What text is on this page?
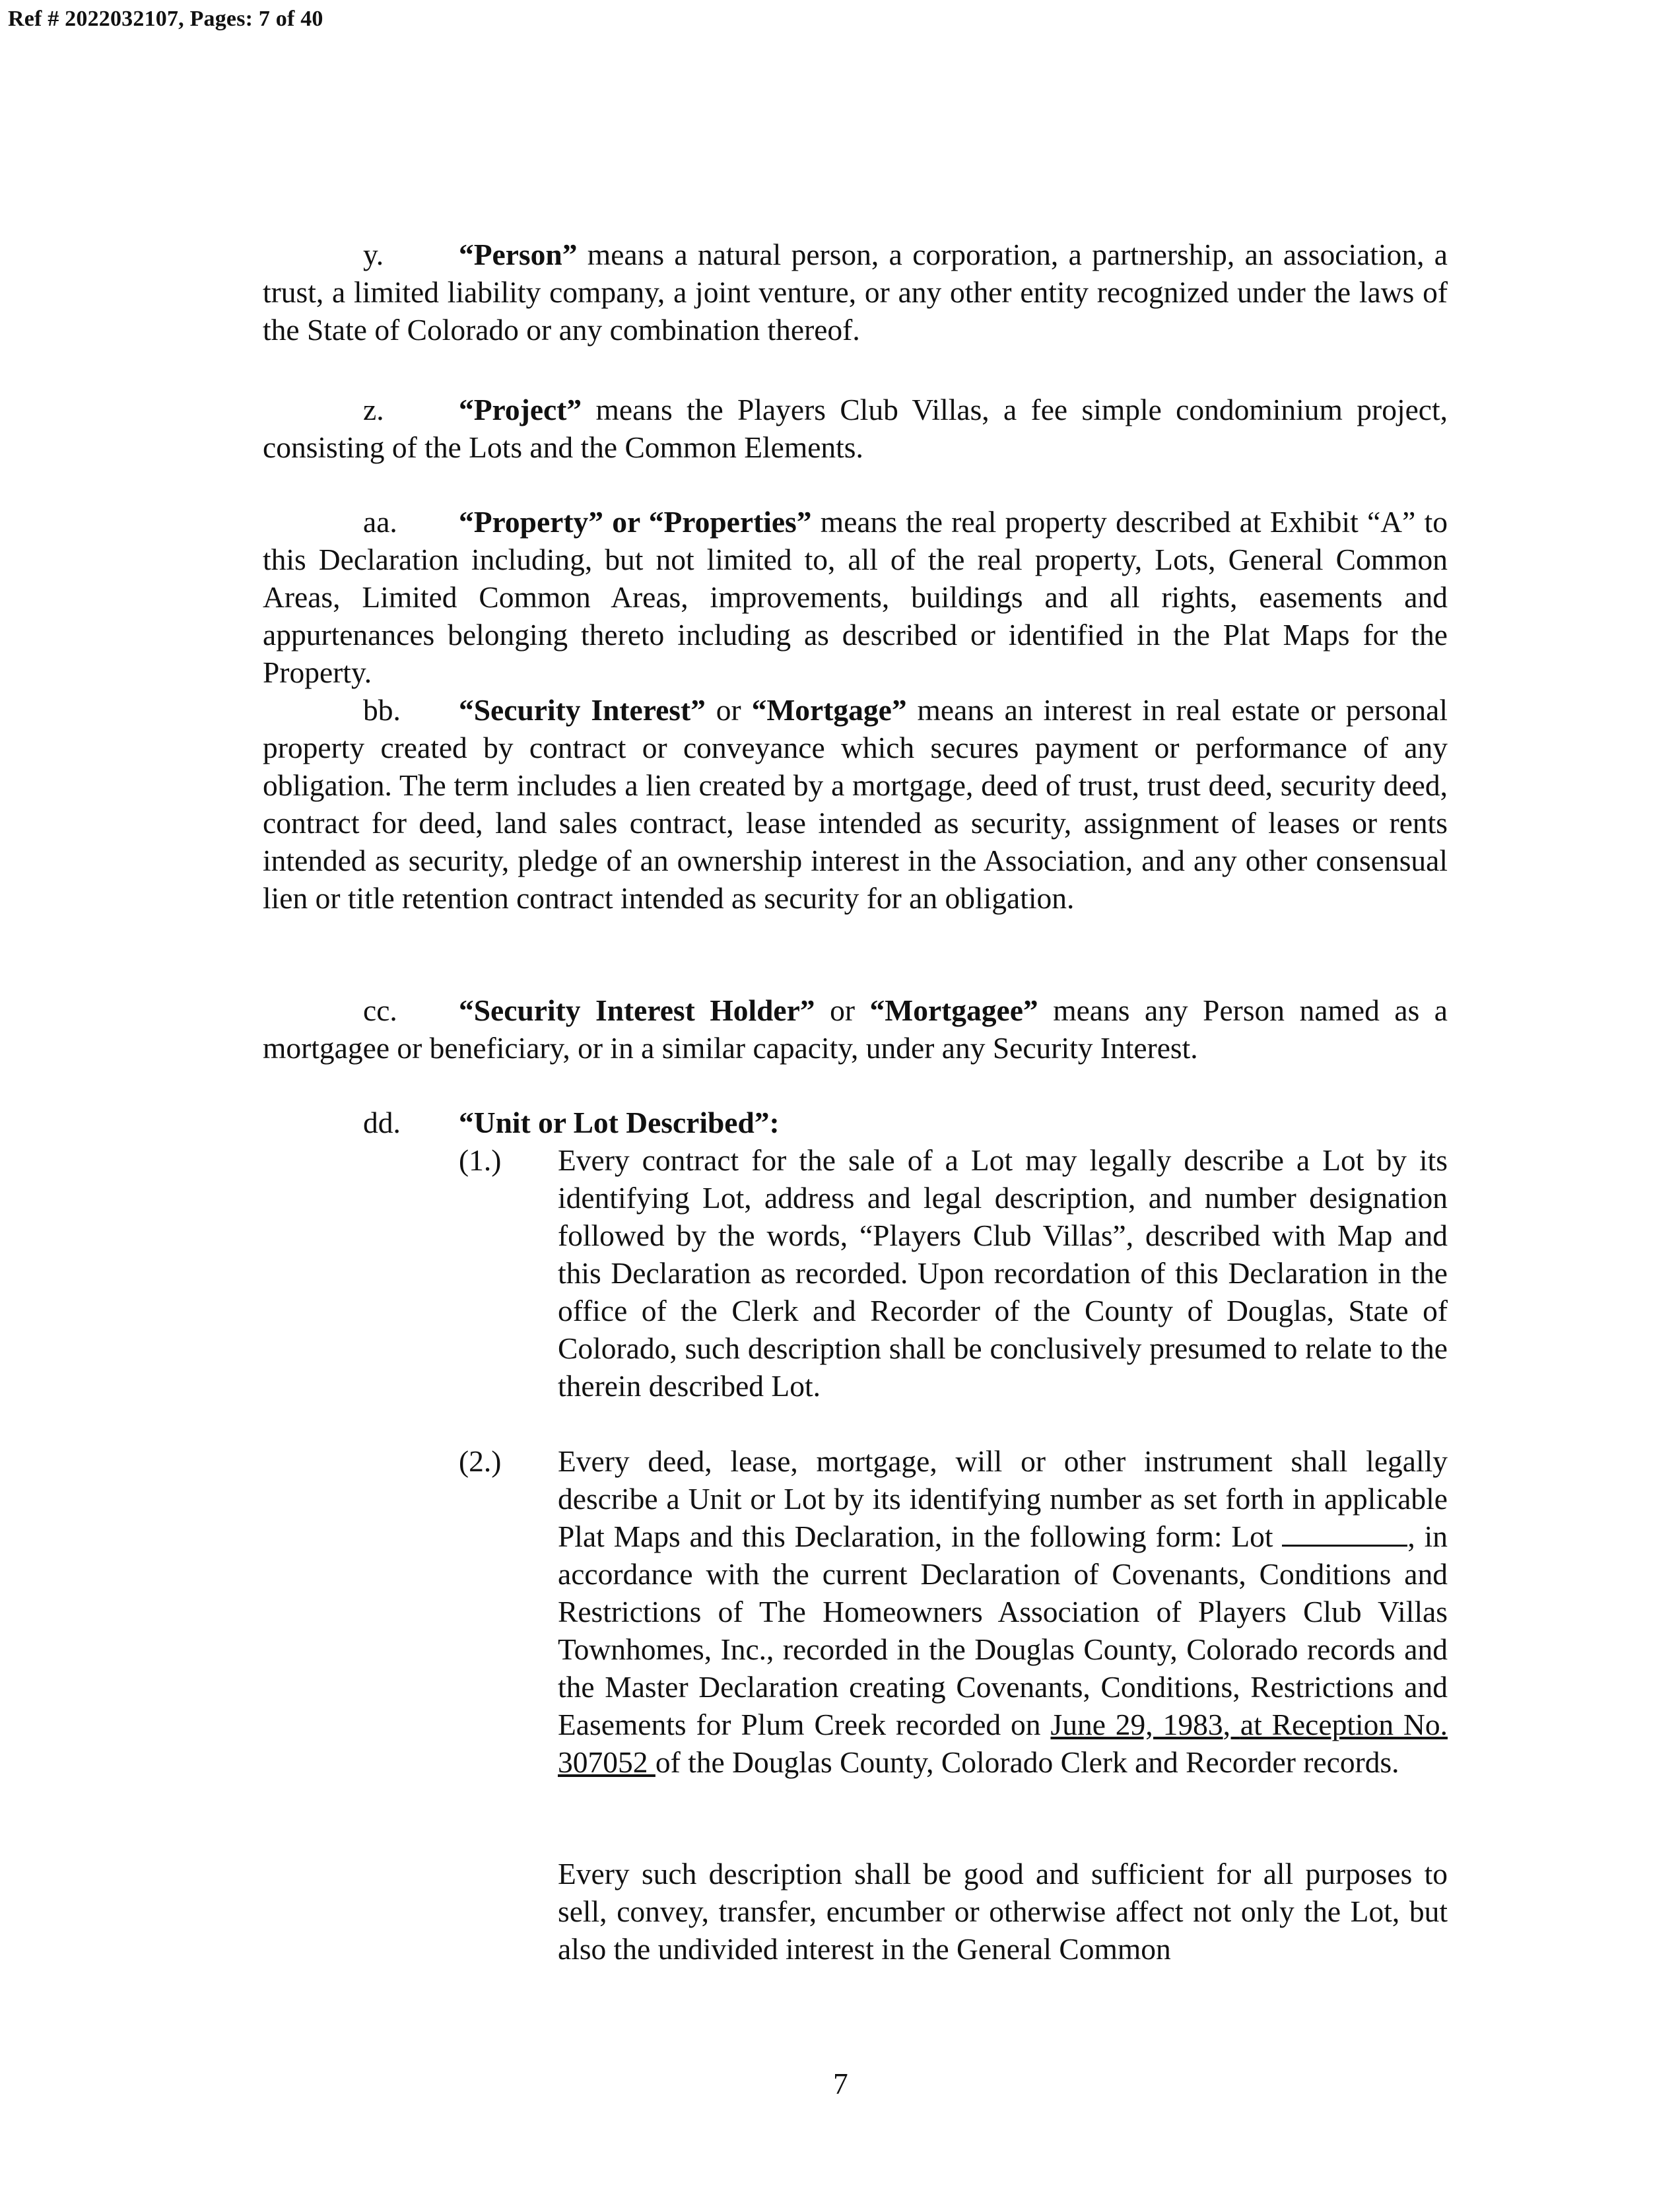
Ref # 2022032107, Pages: 7 of 40

y.	“Person” means a natural person, a corporation, a partnership, an association, a trust, a limited liability company, a joint venture, or any other entity recognized under the laws of the State of Colorado or any combination thereof.

z. “Project” means the Players Club Villas, a fee simple condominium project, consisting of the Lots and the Common Elements.

aa. “Property” or “Properties” means the real property described at Exhibit “A” to this Declaration including, but not limited to, all of the real property, Lots, General Common Areas, Limited Common Areas, improvements, buildings and all rights, easements and appurtenances belonging thereto including as described or identified in the Plat Maps for the Property.

bb. “Security Interest” or “Mortgage” means an interest in real estate or personal property created by contract or conveyance which secures payment or performance of any obligation. The term includes a lien created by a mortgage, deed of trust, trust deed, security deed, contract for deed, land sales contract, lease intended as security, assignment of leases or rents intended as security, pledge of an ownership interest in the Association, and any other consensual lien or title retention contract intended as security for an obligation.

cc. “Security Interest Holder” or “Mortgagee” means any Person named as a mortgagee or beneficiary, or in a similar capacity, under any Security Interest.

dd. “Unit or Lot Described”:

(1.) Every contract for the sale of a Lot may legally describe a Lot by its identifying Lot, address and legal description, and number designation followed by the words, “Players Club Villas”, described with Map and this Declaration as recorded. Upon recordation of this Declaration in the office of the Clerk and Recorder of the County of Douglas, State of Colorado, such description shall be conclusively presumed to relate to the therein described Lot.

(2.) Every deed, lease, mortgage, will or other instrument shall legally describe a Unit or Lot by its identifying number as set forth in applicable Plat Maps and this Declaration, in the following form: Lot	, in accordance with the current Declaration of Covenants, Conditions and Restrictions of The Homeowners Association of Players Club Villas Townhomes, Inc., recorded in the Douglas County, Colorado records and the Master Declaration creating Covenants, Conditions, Restrictions and Easements for Plum Creek recorded on June 29, 1983, at Reception No. 307052 of the Douglas County, Colorado Clerk and Recorder records.

Every such description shall be good and sufficient for all purposes to sell, convey, transfer, encumber or otherwise affect not only the Lot, but also the undivided interest in the General Common

7
